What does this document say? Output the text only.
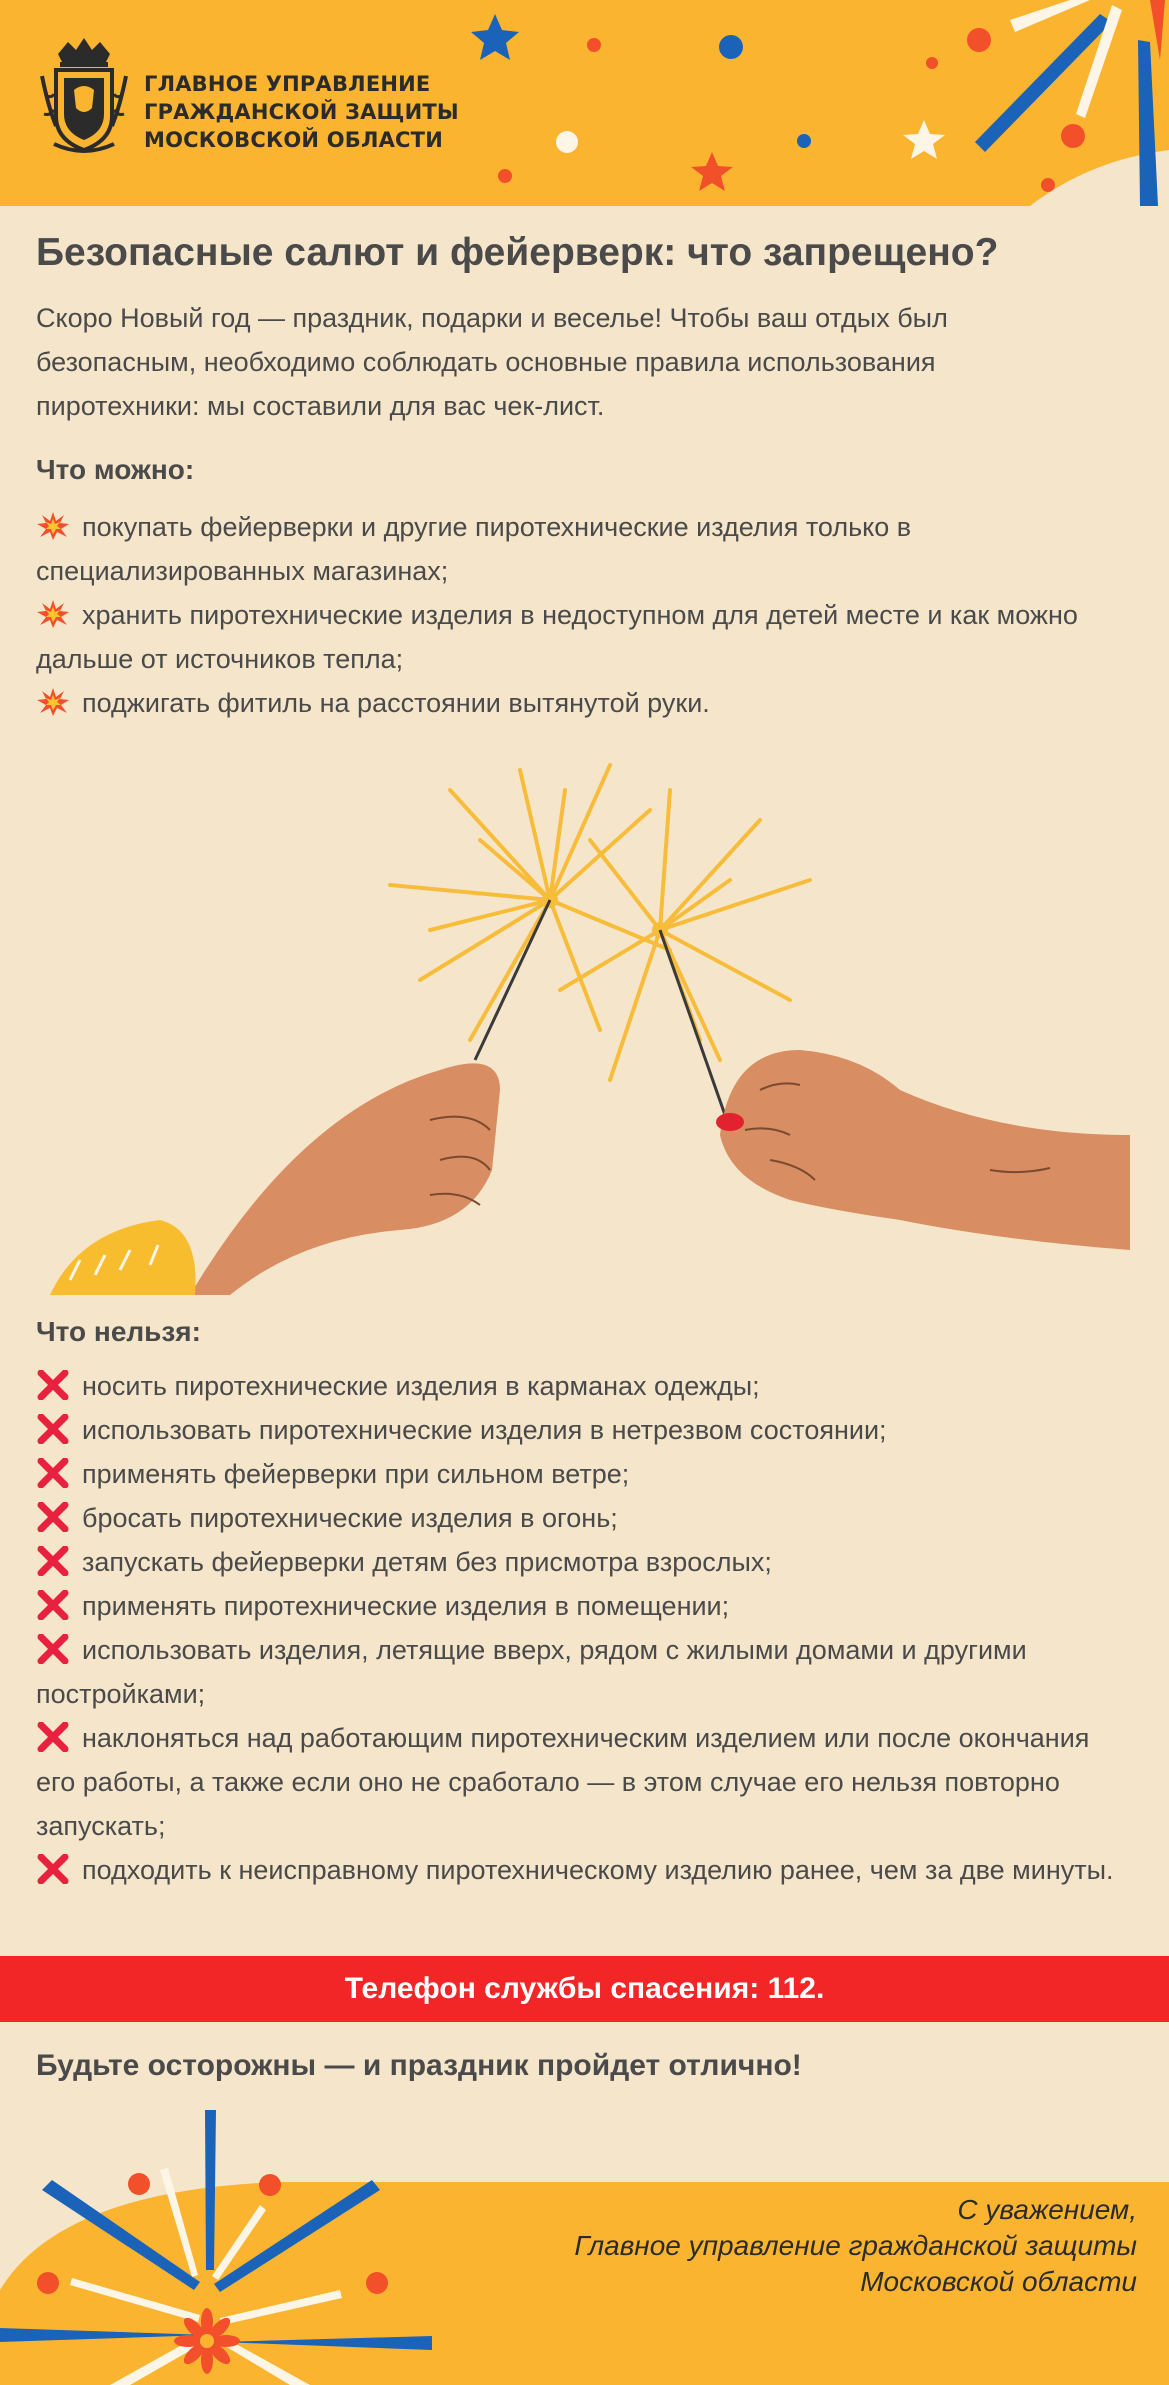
ГЛАВНОЕ УПРАВЛЕНИЕ
ГРАЖДАНСКОЙ ЗАЩИТЫ
МОСКОВСКОЙ ОБЛАСТИ
Безопасные салют и фейерверк: что запрещено?

Скоро Новый год — праздник, подарки и веселье! Чтобы ваш отдых был безопасным, необходимо соблюдать основные правила использования пиротехники: мы составили для вас чек-лист.

Что можно:
покупать фейерверки и другие пиротехнические изделия только в специализированных магазинах;
хранить пиротехнические изделия в недоступном для детей месте и как можно дальше от источников тепла;
поджигать фитиль на расстоянии вытянутой руки.
Что нельзя:
носить пиротехнические изделия в карманах одежды;
использовать пиротехнические изделия в нетрезвом состоянии;
применять фейерверки при сильном ветре;
бросать пиротехнические изделия в огонь;
запускать фейерверки детям без присмотра взрослых;
применять пиротехнические изделия в помещении;
использовать изделия, летящие вверх, рядом с жилыми домами и другими постройками;
наклоняться над работающим пиротехническим изделием или после окончания его работы, а также если оно не сработало — в этом случае его нельзя повторно запускать;
подходить к неисправному пиротехническому изделию ранее, чем за две минуты.
Телефон службы спасения: 112.
Будьте осторожны — и праздник пройдет отлично!
С уважением,
Главное управление гражданской защиты
Московской области
